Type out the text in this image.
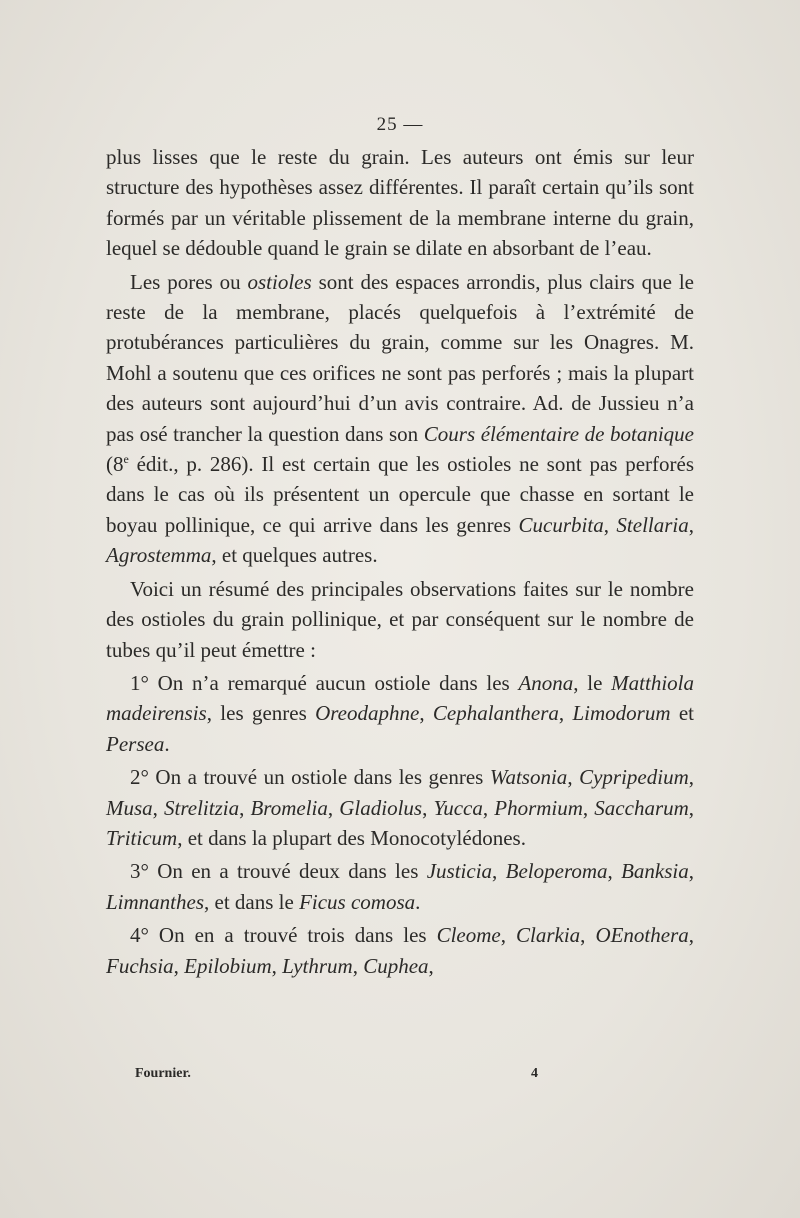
25 —

plus lisses que le reste du grain. Les auteurs ont émis sur leur structure des hypothèses assez différentes. Il paraît certain qu’ils sont formés par un véritable plissement de la membrane interne du grain, lequel se dédouble quand le grain se dilate en absorbant de l’eau.

Les pores ou ostioles sont des espaces arrondis, plus clairs que le reste de la membrane, placés quelquefois à l’extrémité de protubérances particulières du grain, comme sur les Onagres. M. Mohl a soutenu que ces orifices ne sont pas perforés ; mais la plupart des auteurs sont aujourd’hui d’un avis contraire. Ad. de Jussieu n’a pas osé trancher la question dans son Cours élémentaire de botanique (8e édit., p. 286). Il est certain que les ostioles ne sont pas perforés dans le cas où ils présentent un opercule que chasse en sortant le boyau pollinique, ce qui arrive dans les genres Cucurbita, Stellaria, Agrostemma, et quelques autres.

Voici un résumé des principales observations faites sur le nombre des ostioles du grain pollinique, et par conséquent sur le nombre de tubes qu’il peut émettre :

1° On n’a remarqué aucun ostiole dans les Anona, le Matthiola madeirensis, les genres Oreodaphne, Cephalanthera, Limodorum et Persea.

2° On a trouvé un ostiole dans les genres Watsonia, Cypripedium, Musa, Strelitzia, Bromelia, Gladiolus, Yucca, Phormium, Saccharum, Triticum, et dans la plupart des Monocotylédones.

3° On en a trouvé deux dans les Justicia, Beloperoma, Banksia, Limnanthes, et dans le Ficus comosa.

4° On en a trouvé trois dans les Cleome, Clarkia, OEnothera, Fuchsia, Epilobium, Lythrum, Cuphea,

Fournier.	4
